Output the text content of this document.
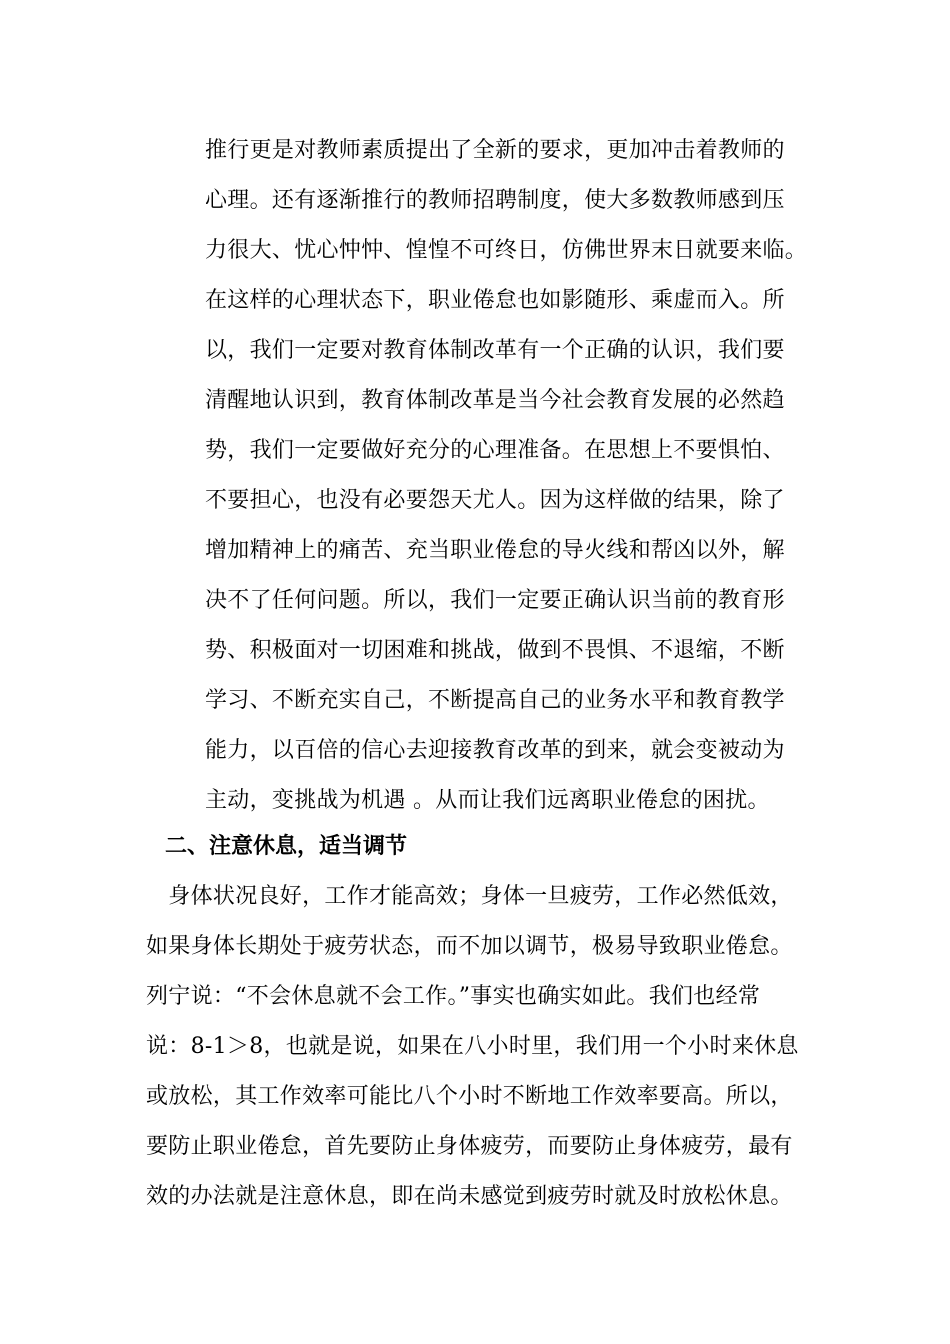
推行更是对教师素质提出了全新的要求，更加冲击着教师的
心理。还有逐渐推行的教师招聘制度，使大多数教师感到压
力很大、忧心忡忡、惶惶不可终日，仿佛世界末日就要来临。
在这样的心理状态下，职业倦怠也如影随形、乘虚而入。所
以，我们一定要对教育体制改革有一个正确的认识，我们要
清醒地认识到，教育体制改革是当今社会教育发展的必然趋
势，我们一定要做好充分的心理准备。在思想上不要惧怕、
不要担心，也没有必要怨天尤人。因为这样做的结果，除了
增加精神上的痛苦、充当职业倦怠的导火线和帮凶以外，解
决不了任何问题。所以，我们一定要正确认识当前的教育形
势、积极面对一切困难和挑战，做到不畏惧、不退缩，不断
学习、不断充实自己，不断提高自己的业务水平和教育教学
能力，以百倍的信心去迎接教育改革的到来，就会变被动为
主动，变挑战为机遇 。从而让我们远离职业倦怠的困扰。
二、注意休息，适当调节
　身体状况良好，工作才能高效；身体一旦疲劳，工作必然低效，
如果身体长期处于疲劳状态，而不加以调节，极易导致职业倦怠。
列宁说：“不会休息就不会工作。”事实也确实如此。我们也经常
说：8-1＞8，也就是说，如果在八小时里，我们用一个小时来休息
或放松，其工作效率可能比八个小时不断地工作效率要高。所以，
要防止职业倦怠，首先要防止身体疲劳，而要防止身体疲劳，最有
效的办法就是注意休息，即在尚未感觉到疲劳时就及时放松休息。
